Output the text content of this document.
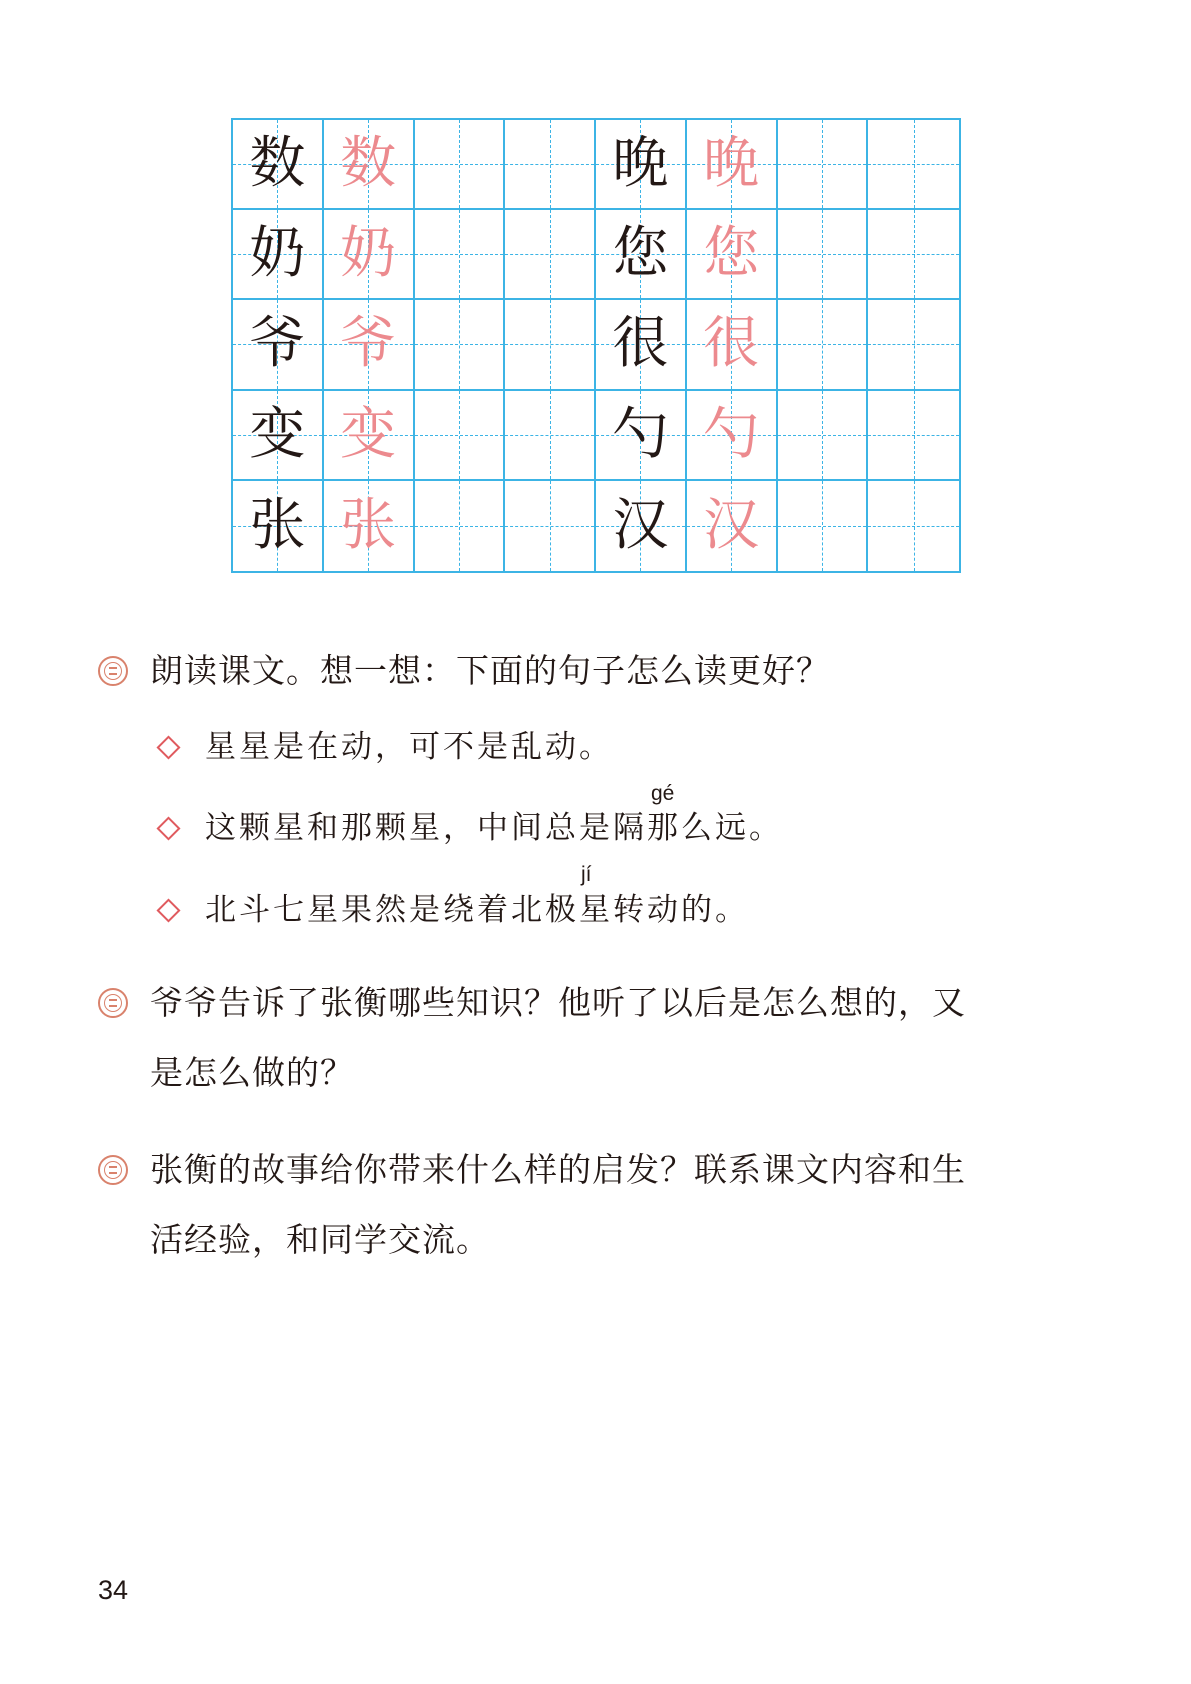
数 数	晚 晚
奶 奶	您 您
爷 爷	很 很
变 变	勺 勺
张 张	汉 汉
朗读课文。想一想：下面的句子怎么读更好？
星星是在动，可不是乱动。
gé
这颗星和那颗星，中间总是隔那么远。
jí
北斗七星果然是绕着北极星转动的。
爷爷告诉了张衡哪些知识？他听了以后是怎么想的，又
是怎么做的？
张衡的故事给你带来什么样的启发？联系课文内容和生
活经验，和同学交流。
34
